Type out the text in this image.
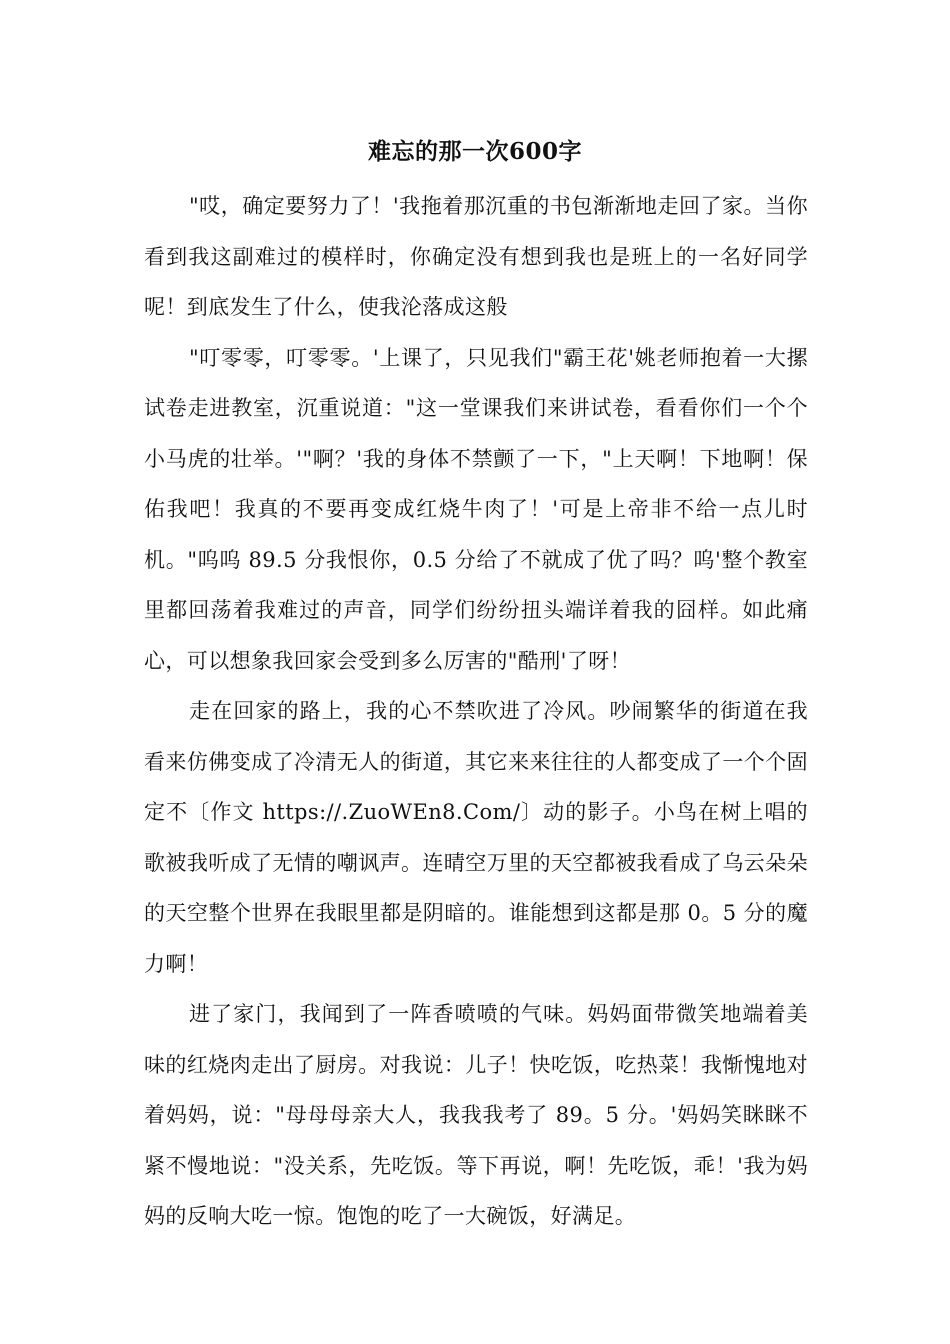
难忘的那一次600字

"哎，确定要努力了！'我拖着那沉重的书包渐渐地走回了家。当你看到我这副难过的模样时，你确定没有想到我也是班上的一名好同学呢！到底发生了什么，使我沦落成这般

"叮零零，叮零零。'上课了，只见我们"霸王花'姚老师抱着一大摞试卷走进教室，沉重说道："这一堂课我们来讲试卷，看看你们一个个小马虎的壮举。'"啊？'我的身体不禁颤了一下，"上天啊！下地啊！保佑我吧！我真的不要再变成红烧牛肉了！'可是上帝非不给一点儿时机。"呜呜 89.5 分我恨你，0.5 分给了不就成了优了吗？呜'整个教室里都回荡着我难过的声音，同学们纷纷扭头端详着我的囧样。如此痛心，可以想象我回家会受到多么厉害的"酷刑'了呀！

走在回家的路上，我的心不禁吹进了冷风。吵闹繁华的街道在我看来仿佛变成了冷清无人的街道，其它来来往往的人都变成了一个个固定不〔作文 https://.ZuoWEn8.Com/〕动的影子。小鸟在树上唱的歌被我听成了无情的嘲讽声。连晴空万里的天空都被我看成了乌云朵朵的天空整个世界在我眼里都是阴暗的。谁能想到这都是那 0。5 分的魔力啊！

进了家门，我闻到了一阵香喷喷的气味。妈妈面带微笑地端着美味的红烧肉走出了厨房。对我说：儿子！快吃饭，吃热菜！我惭愧地对着妈妈，说："母母母亲大人，我我我考了 89。5 分。'妈妈笑眯眯不紧不慢地说："没关系，先吃饭。等下再说，啊！先吃饭，乖！'我为妈妈的反响大吃一惊。饱饱的吃了一大碗饭，好满足。
